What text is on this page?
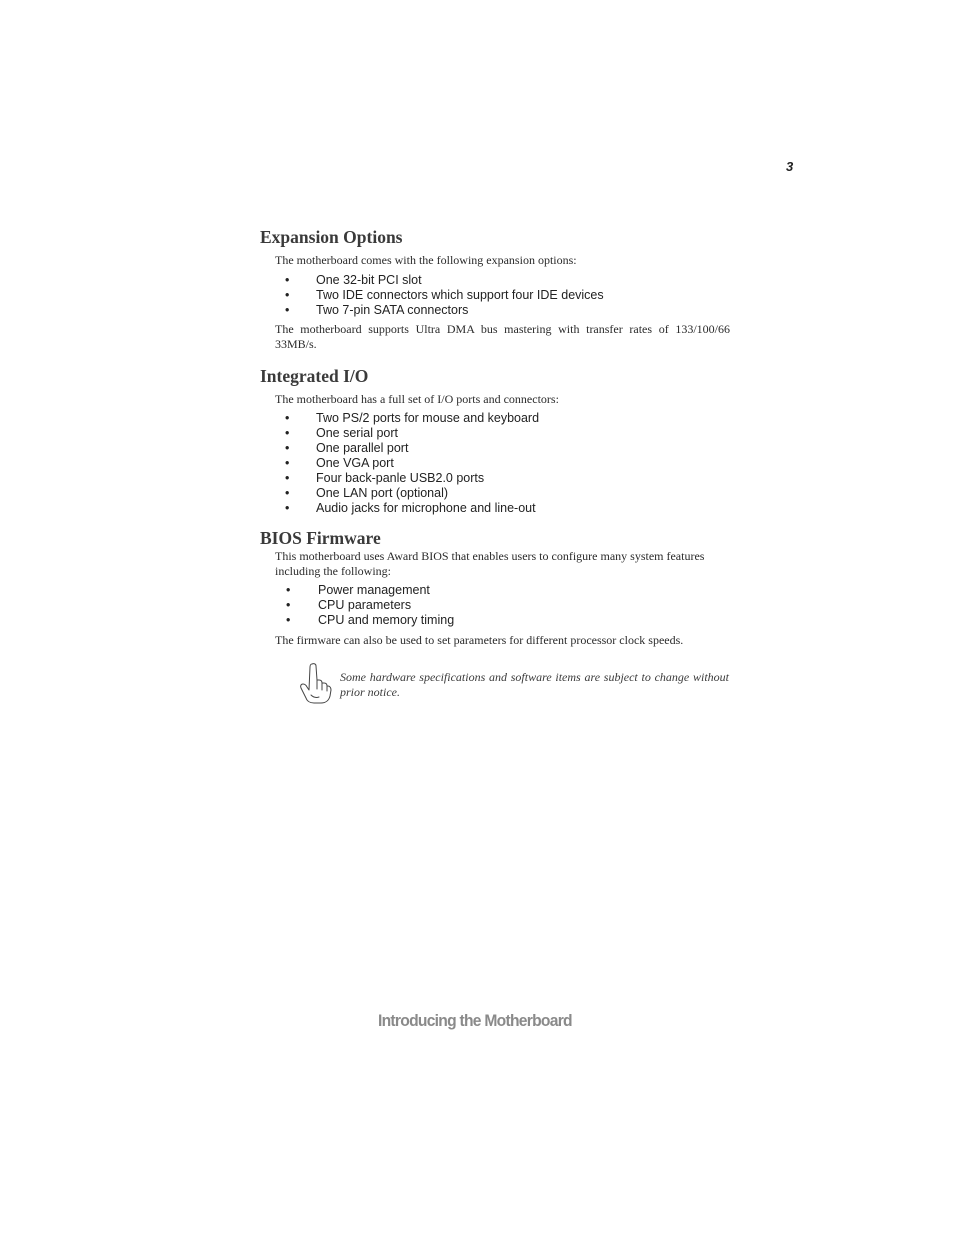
3
Expansion Options

The motherboard comes with the following expansion options:

• One 32-bit PCI slot
• Two IDE connectors which support four IDE devices
• Two 7-pin SATA connectors

The motherboard supports Ultra DMA bus mastering with transfer rates of 133/100/66 33MB/s.

Integrated I/O

The motherboard has a full set of I/O ports and connectors:

• Two PS/2 ports for mouse and keyboard
• One serial port
• One parallel port
• One VGA port
• Four back-panle USB2.0 ports
• One LAN port (optional)
• Audio jacks for microphone and line-out
BIOS Firmware

This motherboard uses Award BIOS that enables users to configure many system features including the following:

• Power management
• CPU parameters
• CPU and memory timing

The firmware can also be used to set parameters for different processor clock speeds.

Some hardware specifications and software items are subject to change without prior notice.

Introducing the Motherboard
